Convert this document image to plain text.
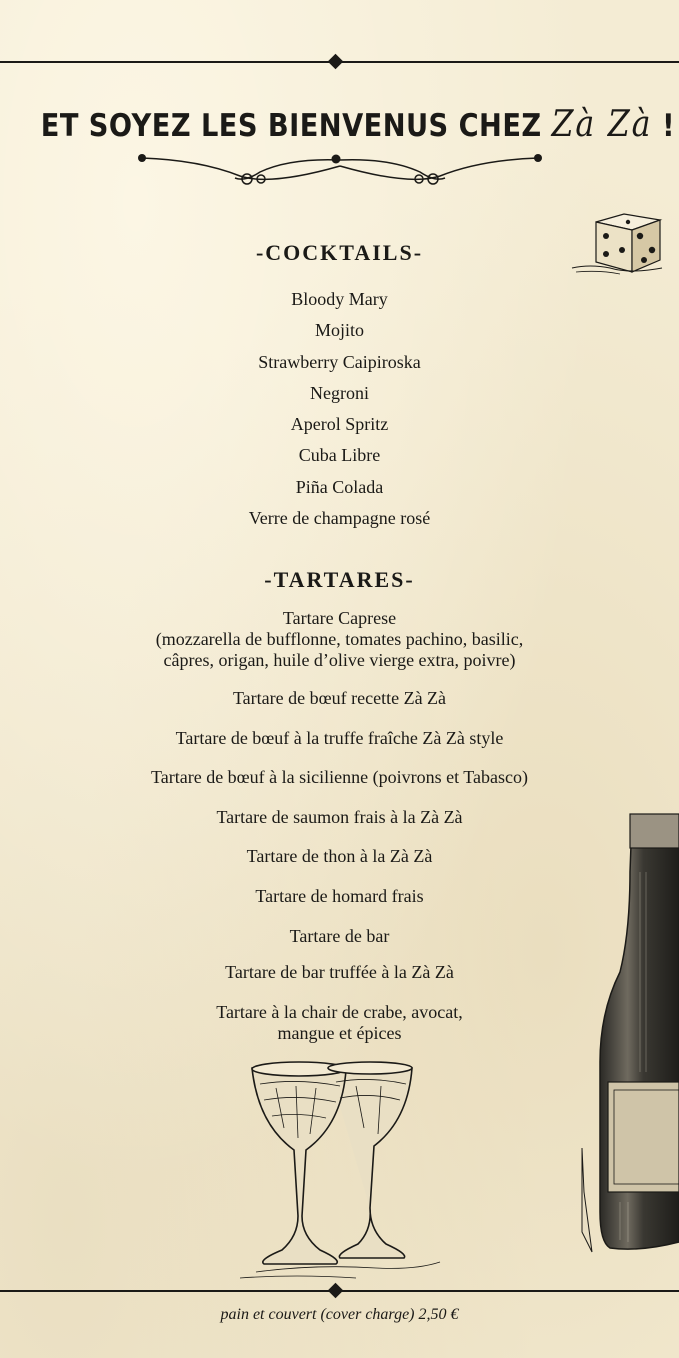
ET SOYEZ LES BIENVENUS CHEZ Zà Zà !
-COCKTAILS-
Bloody Mary
Mojito
Strawberry Caipiroska
Negroni
Aperol Spritz
Cuba Libre
Piña Colada
Verre de champagne rosé
-TARTARES-
Tartare Caprese
(mozzarella de bufflonne, tomates pachino, basilic,
câpres, origan, huile d’olive vierge extra, poivre)
Tartare de bœuf recette Zà Zà
Tartare de bœuf à la truffe fraîche Zà Zà style
Tartare de bœuf à la sicilienne (poivrons et Tabasco)
Tartare de saumon frais à la Zà Zà
Tartare de thon à la Zà Zà
Tartare de homard frais
Tartare de bar
Tartare de bar truffée à la Zà Zà
Tartare à la chair de crabe, avocat,
mangue et épices
pain et couvert (cover charge) 2,50 €
